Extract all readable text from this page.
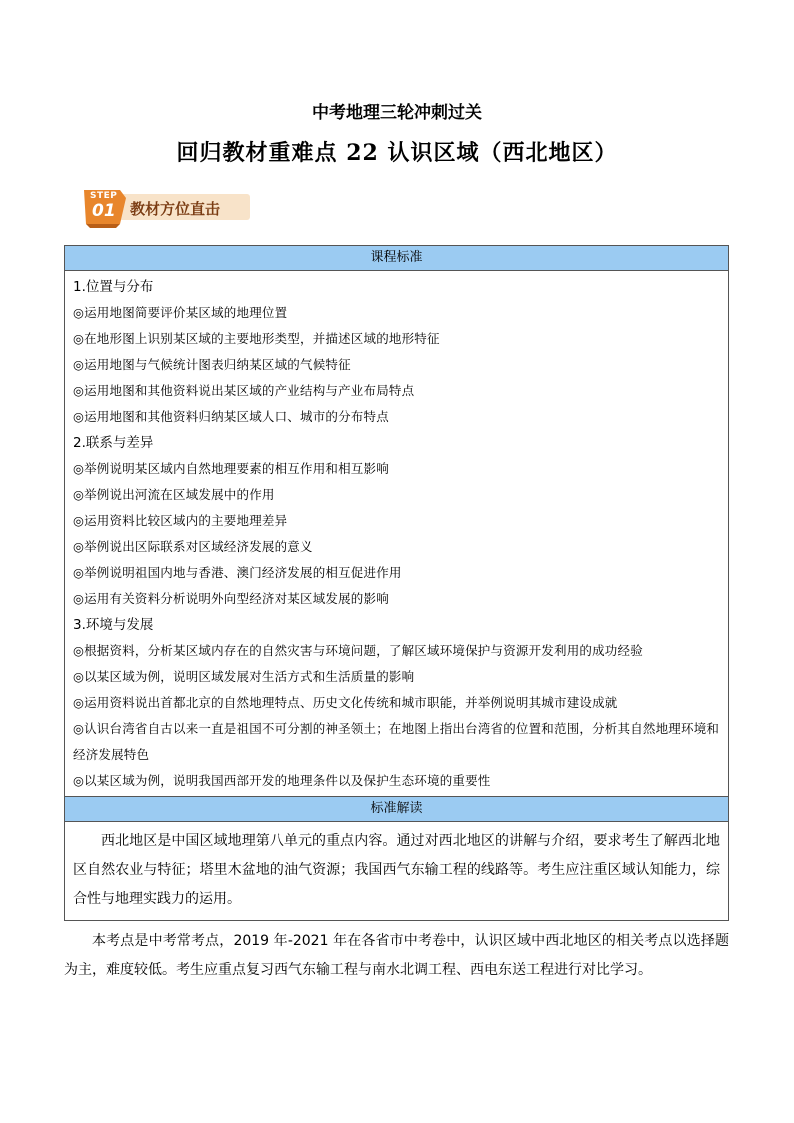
中考地理三轮冲刺过关
回归教材重难点 22 认识区域（西北地区）
教材方位直击
STEP
01
课程标准
1.位置与分布
◎运用地图简要评价某区域的地理位置
◎在地形图上识别某区域的主要地形类型，并描述区域的地形特征
◎运用地图与气候统计图表归纳某区域的气候特征
◎运用地图和其他资料说出某区域的产业结构与产业布局特点
◎运用地图和其他资料归纳某区域人口、城市的分布特点
2.联系与差异
◎举例说明某区域内自然地理要素的相互作用和相互影响
◎举例说出河流在区域发展中的作用
◎运用资料比较区域内的主要地理差异
◎举例说出区际联系对区域经济发展的意义
◎举例说明祖国内地与香港、澳门经济发展的相互促进作用
◎运用有关资料分析说明外向型经济对某区域发展的影响
3.环境与发展
◎根据资料，分析某区域内存在的自然灾害与环境问题，了解区域环境保护与资源开发利用的成功经验
◎以某区域为例，说明区域发展对生活方式和生活质量的影响
◎运用资料说出首都北京的自然地理特点、历史文化传统和城市职能，并举例说明其城市建设成就
◎认识台湾省自古以来一直是祖国不可分割的神圣领土；在地图上指出台湾省的位置和范围，分析其自然地理环境和经济发展特色
◎以某区域为例，说明我国西部开发的地理条件以及保护生态环境的重要性
标准解读
西北地区是中国区域地理第八单元的重点内容。通过对西北地区的讲解与介绍，要求考生了解西北地区自然农业与特征；塔里木盆地的油气资源；我国西气东输工程的线路等。考生应注重区域认知能力，综合性与地理实践力的运用。
本考点是中考常考点，2019 年-2021 年在各省市中考卷中，认识区域中西北地区的相关考点以选择题为主，难度较低。考生应重点复习西气东输工程与南水北调工程、西电东送工程进行对比学习。
